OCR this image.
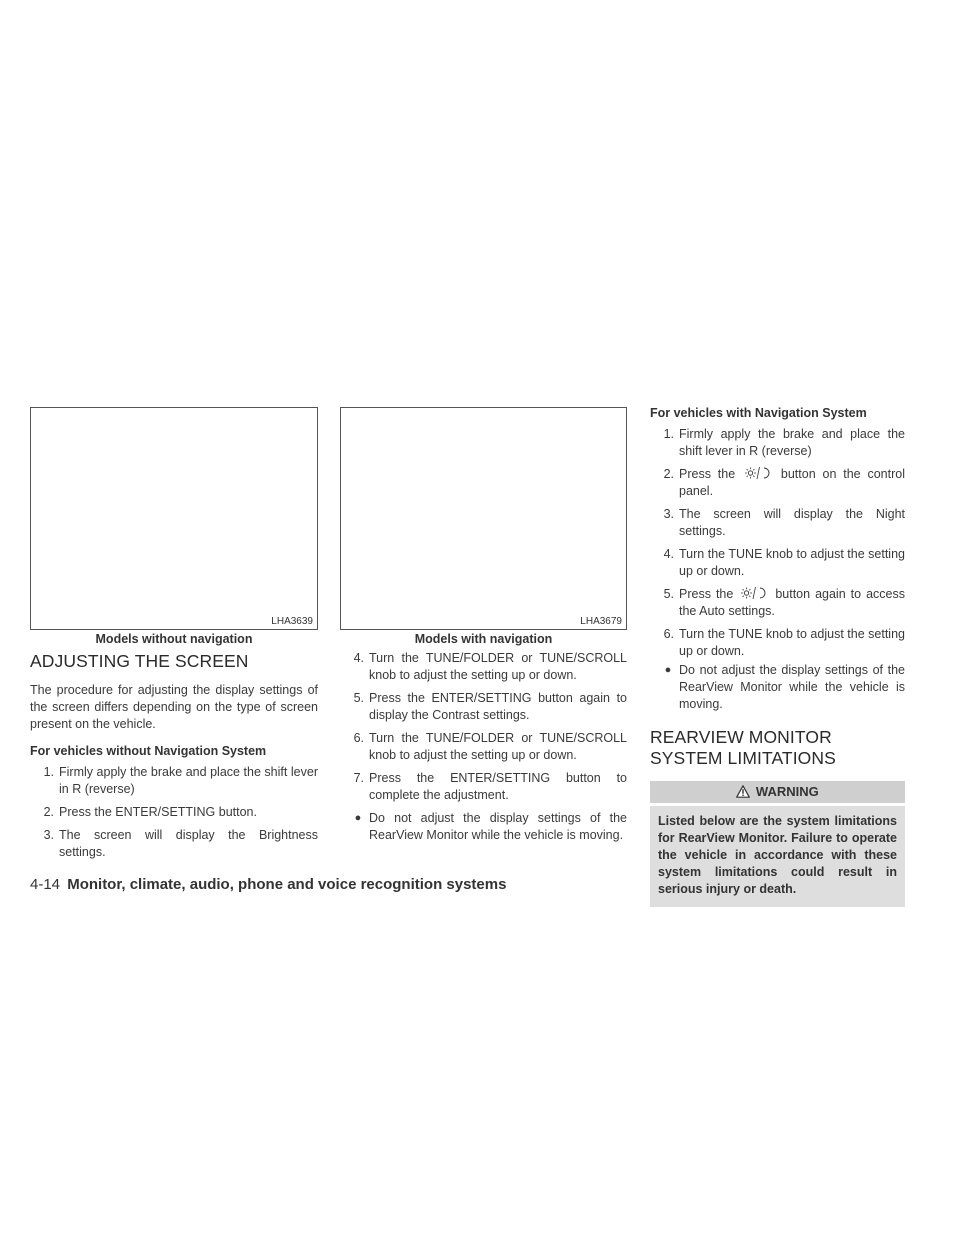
LHA3639
Models without navigation
LHA3679
Models with navigation
ADJUSTING THE SCREEN

The procedure for adjusting the display settings of the screen differs depending on the type of screen present on the vehicle.

For vehicles without Navigation System

1. Firmly apply the brake and place the shift lever in R (reverse)
2. Press the ENTER/SETTING button.
3. The screen will display the Brightness settings.
4. Turn the TUNE/FOLDER or TUNE/SCROLL knob to adjust the setting up or down.
5. Press the ENTER/SETTING button again to display the Contrast settings.
6. Turn the TUNE/FOLDER or TUNE/SCROLL knob to adjust the setting up or down.
7. Press the ENTER/SETTING button to complete the adjustment.
● Do not adjust the display settings of the RearView Monitor while the vehicle is moving.

For vehicles with Navigation System

1. Firmly apply the brake and place the shift lever in R (reverse)
2. Press the	button on the control panel.
3. The screen will display the Night settings.
4. Turn the TUNE knob to adjust the setting up or down.
5. Press the	button again to access the Auto settings.
6. Turn the TUNE knob to adjust the setting up or down.
● Do not adjust the display settings of the RearView Monitor while the vehicle is moving.
REARVIEW MONITOR SYSTEM LIMITATIONS
WARNING
Listed below are the system limitations for RearView Monitor. Failure to operate the vehicle in accordance with these system limitations could result in serious injury or death.
4-14 Monitor, climate, audio, phone and voice recognition systems
